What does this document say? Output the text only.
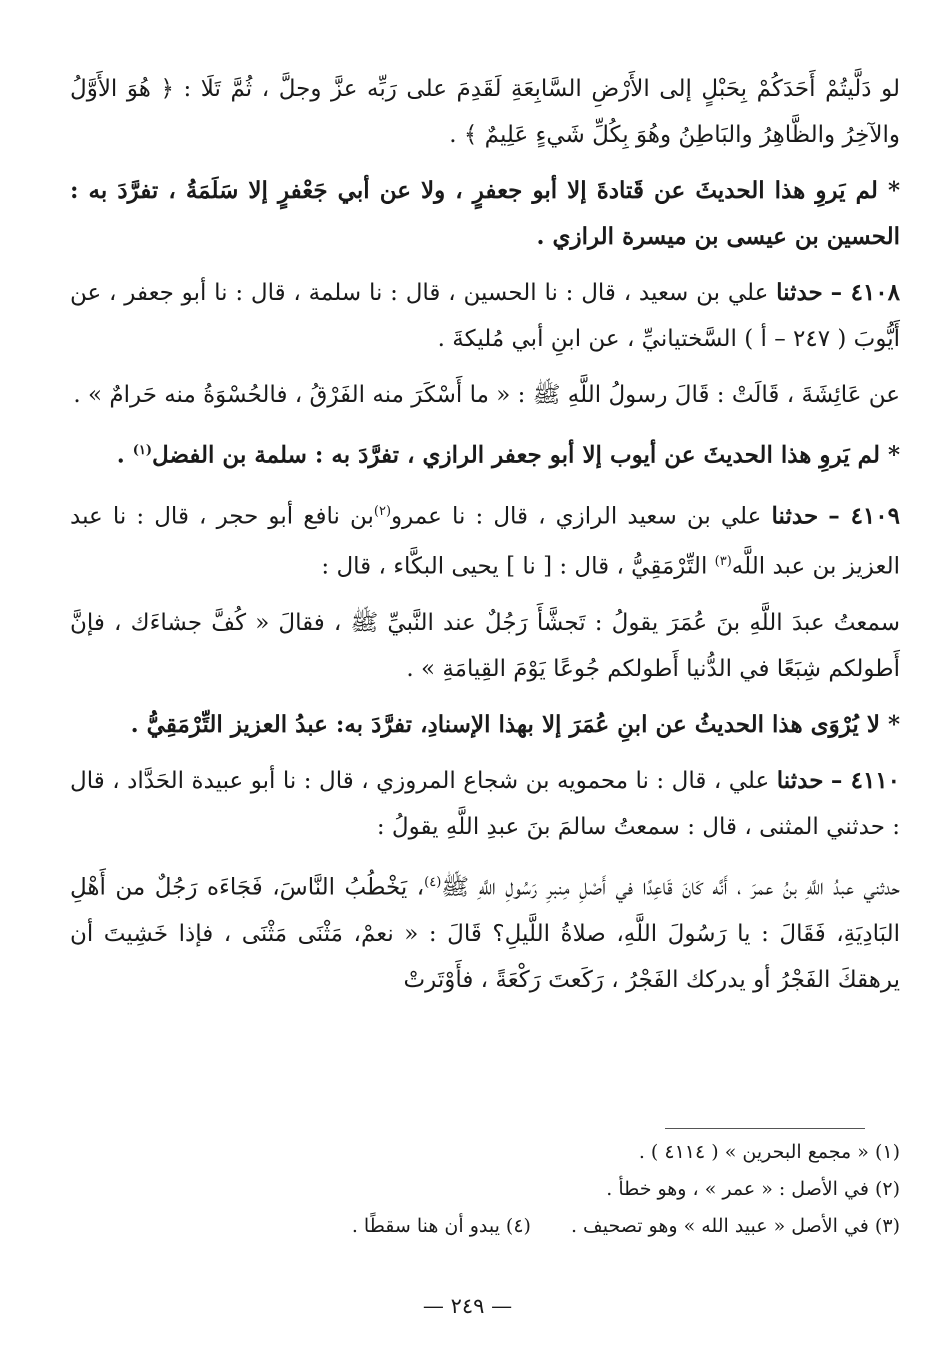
لو دَلَّيتُمْ أَحَدَكُمْ بِحَبْلٍ إلى الأَرْضِ السَّابِعَةِ لَقَدِمَ على رَبِّه عزَّ وجلَّ ، ثُمَّ تَلَا : ﴿ هُوَ الأَوَّلُ والآخِرُ والظَّاهِرُ والبَاطِنُ وهُوَ بِكُلِّ شَيءٍ عَلِيمٌ ﴾ .

* لم يَروِ هذا الحديثَ عن قَتادةَ إلا أبو جعفرٍ ، ولا عن أبي جَعْفرٍ إلا سَلَمَةُ ، تفرَّدَ به : الحسين بن عيسى بن ميسرة الرازي .

٤١٠٨ – حدثنا علي بن سعيد ، قال : نا الحسين ، قال : نا سلمة ، قال : نا أبو جعفر ، عن أَيُّوبَ ( ٢٤٧ – أ ) السَّختيانيِّ ، عن ابنِ أبي مُليكةَ .

عن عَائِشَةَ ، قَالَتْ : قَالَ رسولُ اللَّهِ ﷺ : « ما أَسْكَرَ منه الفَرْقُ ، فالحُسْوَةُ منه حَرامٌ » .

* لم يَروِ هذا الحديثَ عن أيوب إلا أبو جعفر الرازي ، تفرَّدَ به : سلمة بن الفضل$^{(١)}$ .

٤١٠٩ – حدثنا علي بن سعيد الرازي ، قال : نا عمرو$^{(٢)}$بن نافع أبو حجر ، قال : نا عبد العزيز بن عبد اللَّه$^{(٣)}$ التِّرْمَقِيُّ ، قال : [ نا ] يحيى البكَّاء ، قال :

سمعتُ عبدَ اللَّهِ بنَ عُمَرَ يقولُ : تَجشَّأَ رَجُلٌ عند النَّبيِّ ﷺ ، فقالَ « كُفَّ جشاءَك ، فإنَّ أَطولكم شِبَعًا في الدُّنيا أَطولكم جُوعًا يَوْمَ القِيامَةِ » .

* لا يُرْوَى هذا الحديثُ عن ابنِ عُمَرَ إلا بهذا الإسنادِ، تفرَّدَ به: عبدُ العزيز التِّرْمَقِيُّ .

٤١١٠ – حدثنا علي ، قال : نا محمويه بن شجاع المروزي ، قال : نا أبو عبيدة الحَدَّاد ، قال : حدثني المثنى ، قال : سمعتُ سالمَ بنَ عبدِ اللَّهِ يقولُ :

حدثني عبدُ اللَّهِ بنُ عمرَ ، أَنَّه كَانَ قَاعِدًا في أَصْلِ مِنبرِ رَسُولِ اللَّهِ ﷺ$^{(٤)}$، يَخْطُبُ النَّاسَ، فَجَاءَه رَجُلٌ من أَهْلِ البَادِيَةِ، فَقَالَ : يا رَسُولَ اللَّهِ، صلاةُ اللَّيلِ؟ قَالَ : « نعمْ، مَثْنَى مَثْنَى ، فإذا خَشِيتَ أن يرهقكَ الفَجْرُ أو يدركك الفَجْرُ ، رَكَعتَ رَكْعَةً ، فأَوْتَرتْ

(١) « مجمع البحرين » ( ٤١١٤ ) .
(٢) في الأصل : « عمر » ، وهو خطأ .
(٣) في الأصل « عبيد الله » وهو تصحيف .
(٤) يبدو أن هنا سقطًا .
— ٢٤٩ —
